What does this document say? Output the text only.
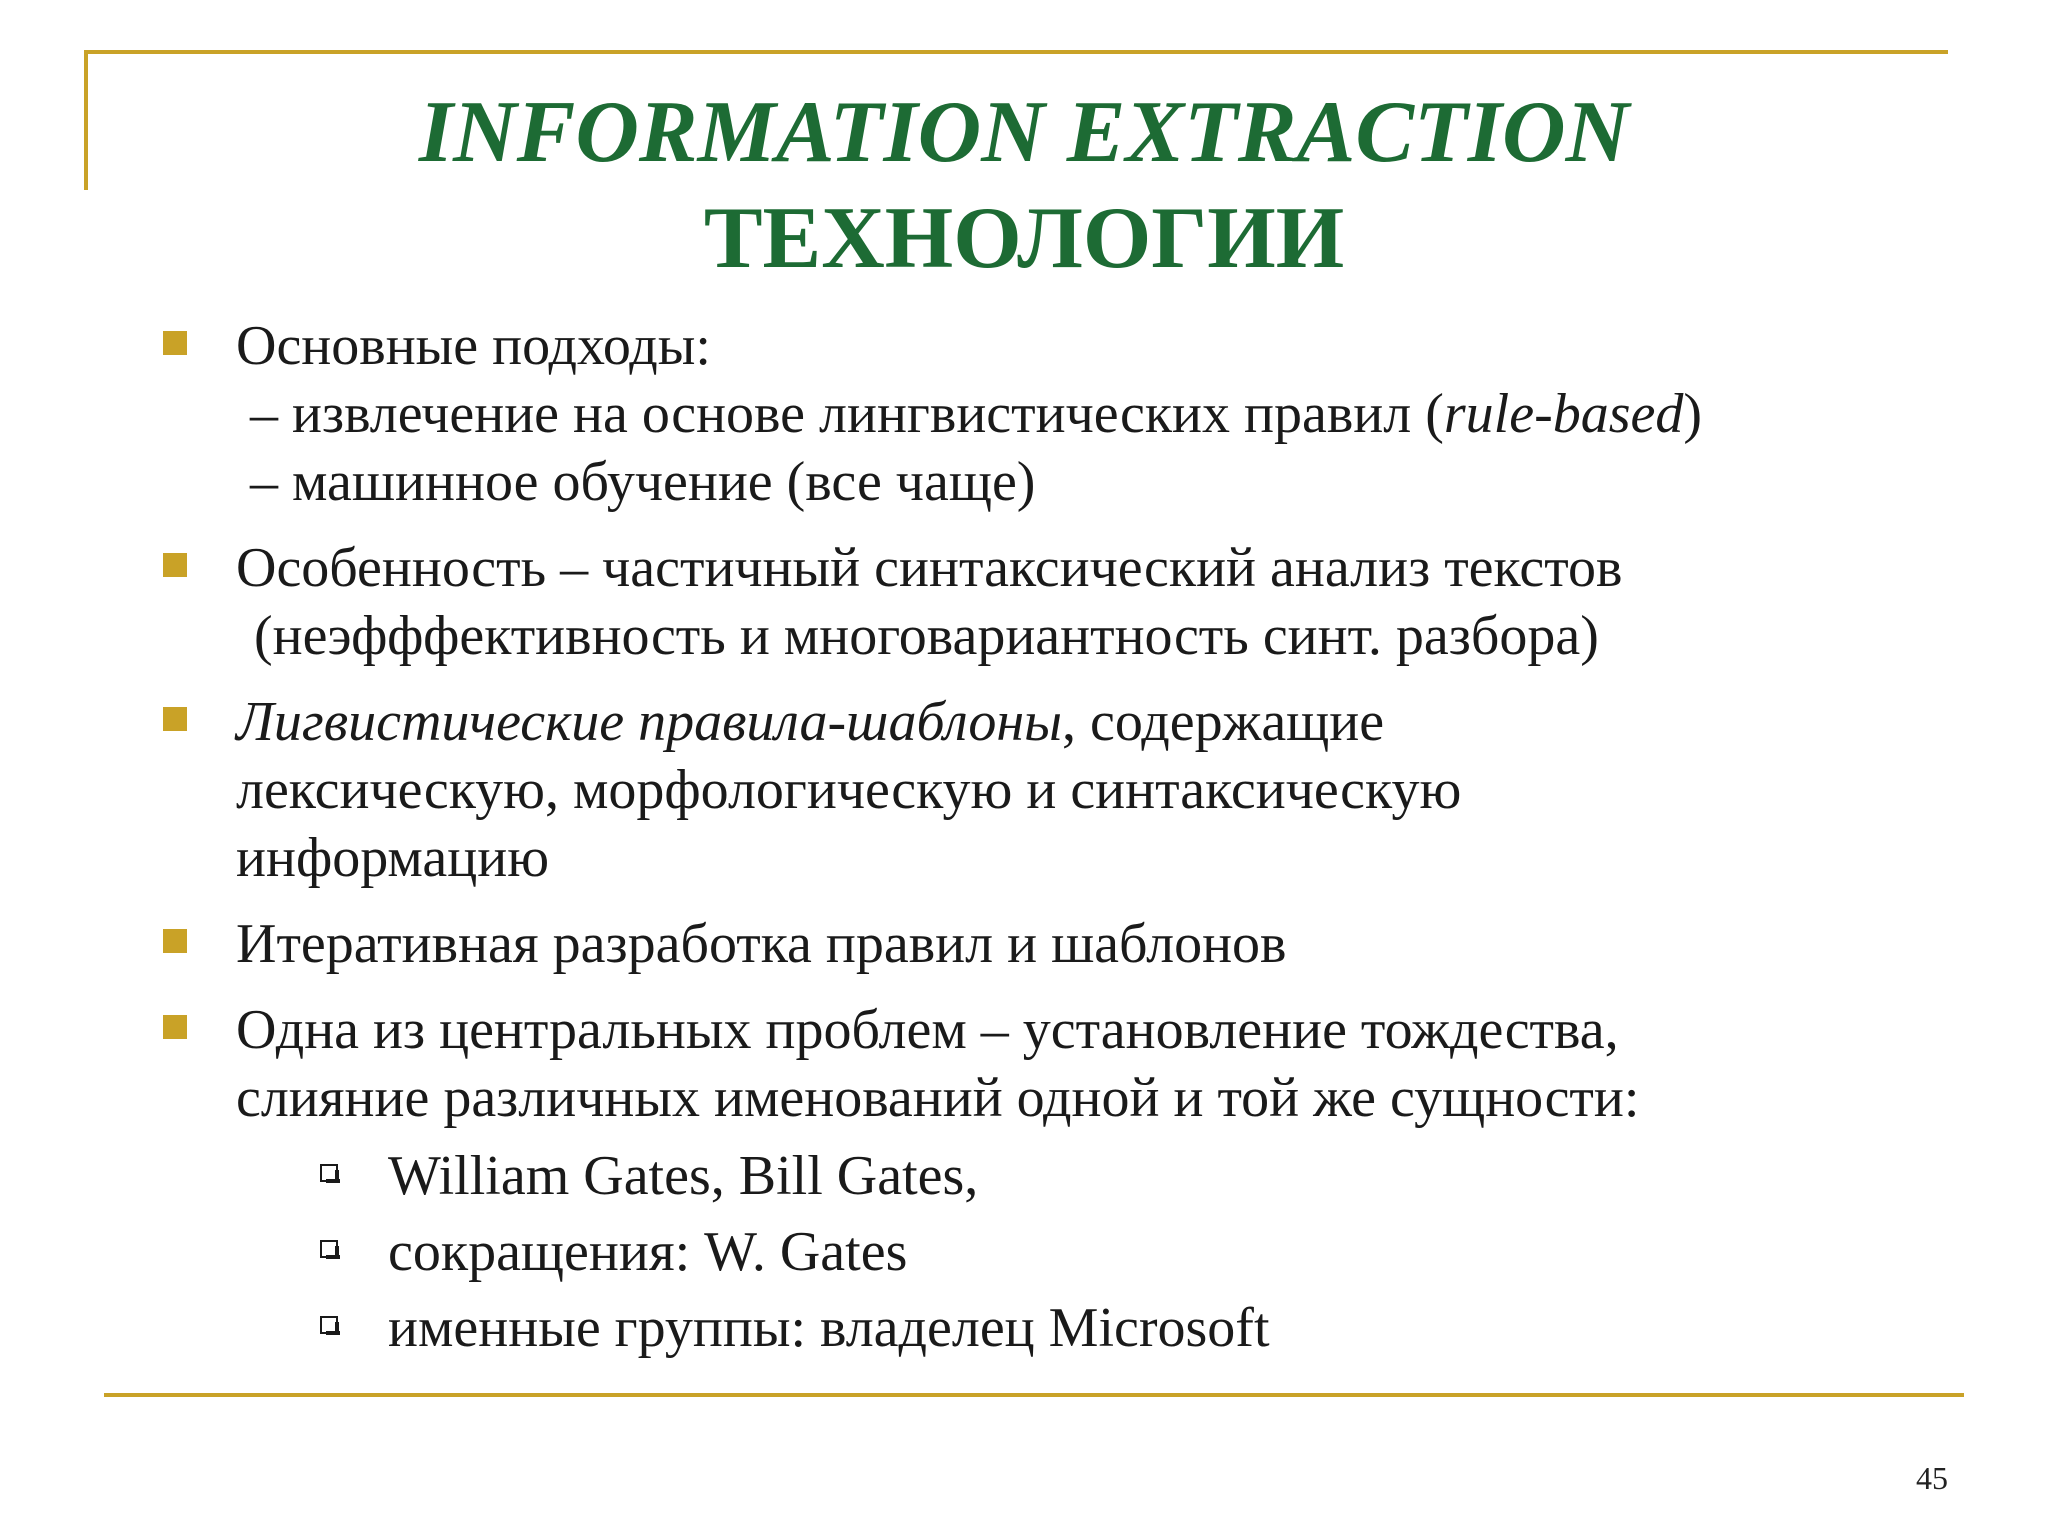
INFORMATION EXTRACTION
ТЕХНОЛОГИИ
Основные подходы:
– извлечение на основе лингвистических правил (rule-based)
– машинное обучение (все чаще)
Особенность – частичный синтаксический анализ текстов
(неэфффективность и многовариантность синт. разбора)
Лигвистические правила-шаблоны, содержащие
лексическую, морфологическую и синтаксическую
информацию
Итеративная разработка правил и шаблонов
Одна из центральных проблем – установление тождества,
слияние различных именований одной и той же сущности:
William Gates, Bill Gates,
сокращения: W. Gates
именные группы: владелец Microsoft
45
